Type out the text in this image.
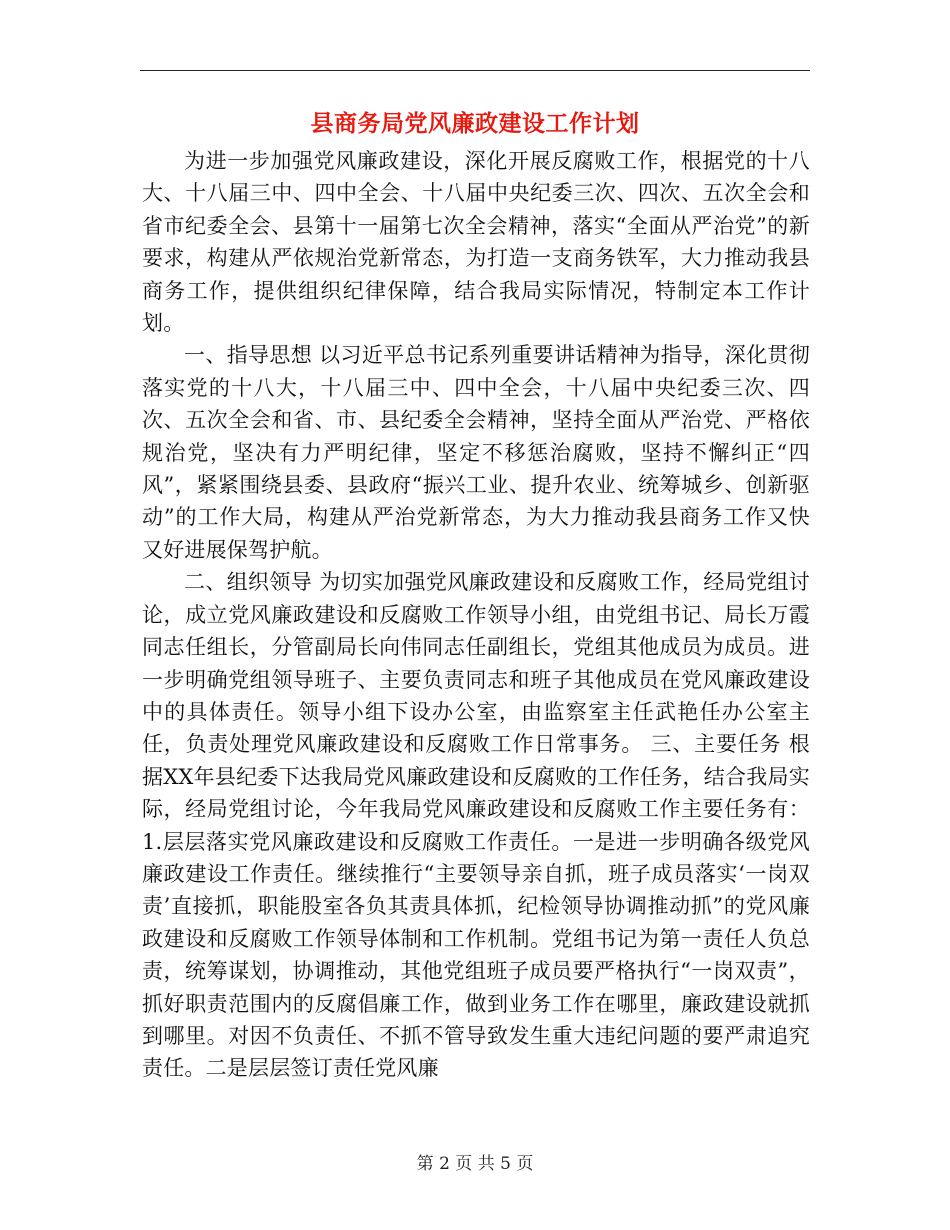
县商务局党风廉政建设工作计划

为进一步加强党风廉政建设，深化开展反腐败工作，根据党的十八大、十八届三中、四中全会、十八届中央纪委三次、四次、五次全会和省市纪委全会、县第十一届第七次全会精神，落实“全面从严治党”的新要求，构建从严依规治党新常态，为打造一支商务铁军，大力推动我县商务工作，提供组织纪律保障，结合我局实际情况，特制定本工作计划。

一、指导思想 以习近平总书记系列重要讲话精神为指导，深化贯彻落实党的十八大，十八届三中、四中全会，十八届中央纪委三次、四次、五次全会和省、市、县纪委全会精神，坚持全面从严治党、严格依规治党，坚决有力严明纪律，坚定不移惩治腐败，坚持不懈纠正“四风”，紧紧围绕县委、县政府“振兴工业、提升农业、统筹城乡、创新驱动”的工作大局，构建从严治党新常态，为大力推动我县商务工作又快又好进展保驾护航。

二、组织领导 为切实加强党风廉政建设和反腐败工作，经局党组讨论，成立党风廉政建设和反腐败工作领导小组，由党组书记、局长万霞同志任组长，分管副局长向伟同志任副组长，党组其他成员为成员。进一步明确党组领导班子、主要负责同志和班子其他成员在党风廉政建设中的具体责任。领导小组下设办公室，由监察室主任武艳任办公室主任，负责处理党风廉政建设和反腐败工作日常事务。 三、主要任务 根据XX年县纪委下达我局党风廉政建设和反腐败的工作任务，结合我局实际，经局党组讨论，今年我局党风廉政建设和反腐败工作主要任务有： 1.层层落实党风廉政建设和反腐败工作责任。一是进一步明确各级党风廉政建设工作责任。继续推行“主要领导亲自抓，班子成员落实‘一岗双责’直接抓，职能股室各负其责具体抓，纪检领导协调推动抓”的党风廉政建设和反腐败工作领导体制和工作机制。党组书记为第一责任人负总责，统筹谋划，协调推动，其他党组班子成员要严格执行“一岗双责”，抓好职责范围内的反腐倡廉工作，做到业务工作在哪里，廉政建设就抓到哪里。对因不负责任、不抓不管导致发生重大违纪问题的要严肃追究责任。二是层层签订责任党风廉

第 2 页 共 5 页
